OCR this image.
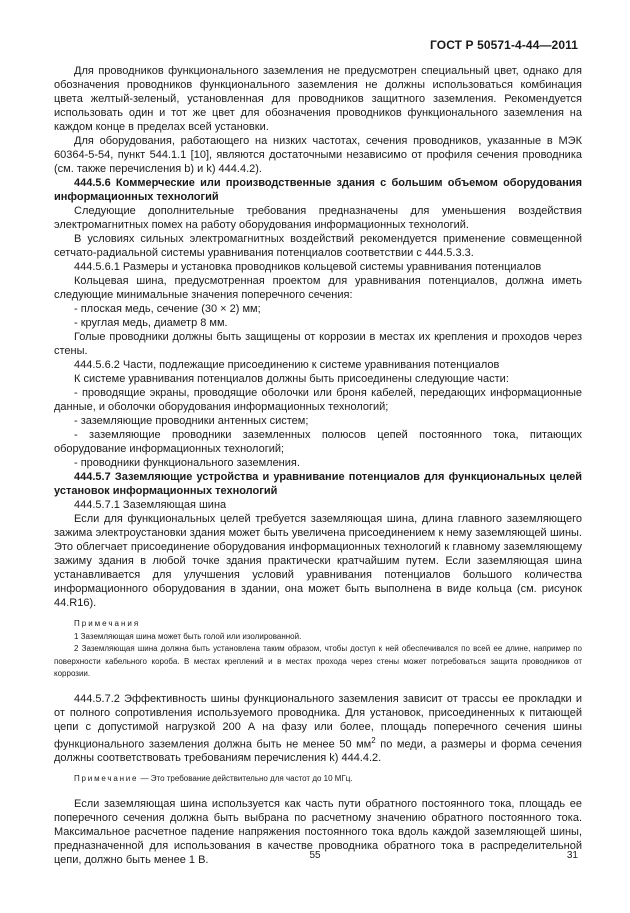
ГОСТ Р 50571-4-44—2011

Для проводников функционального заземления не предусмотрен специальный цвет, однако для обозначения проводников функционального заземления не должны использоваться комбинация цвета желтый-зеленый, установленная для проводников защитного заземления. Рекомендуется использовать один и тот же цвет для обозначения проводников функционального заземления на каждом конце в пределах всей установки.

Для оборудования, работающего на низких частотах, сечения проводников, указанные в МЭК 60364-5-54, пункт 544.1.1 [10], являются достаточными независимо от профиля сечения проводника (см. также перечисления b) и k) 444.4.2).

444.5.6 Коммерческие или производственные здания с большим объемом оборудования информационных технологий

Следующие дополнительные требования предназначены для уменьшения воздействия электромагнитных помех на работу оборудования информационных технологий.

В условиях сильных электромагнитных воздействий рекомендуется применение совмещенной сетчато-радиальной системы уравнивания потенциалов соответствии с 444.5.3.3.

444.5.6.1 Размеры и установка проводников кольцевой системы уравнивания потенциалов

Кольцевая шина, предусмотренная проектом для уравнивания потенциалов, должна иметь следующие минимальные значения поперечного сечения:

- плоская медь, сечение (30 × 2) мм;

- круглая медь, диаметр 8 мм.

Голые проводники должны быть защищены от коррозии в местах их крепления и проходов через стены.

444.5.6.2 Части, подлежащие присоединению к системе уравнивания потенциалов

К системе уравнивания потенциалов должны быть присоединены следующие части:

- проводящие экраны, проводящие оболочки или броня кабелей, передающих информационные данные, и оболочки оборудования информационных технологий;

- заземляющие проводники антенных систем;

- заземляющие проводники заземленных полюсов цепей постоянного тока, питающих оборудование информационных технологий;

- проводники функционального заземления.

444.5.7 Заземляющие устройства и уравнивание потенциалов для функциональных целей установок информационных технологий

444.5.7.1 Заземляющая шина

Если для функциональных целей требуется заземляющая шина, длина главного заземляющего зажима электроустановки здания может быть увеличена присоединением к нему заземляющей шины. Это облегчает присоединение оборудования информационных технологий к главному заземляющему зажиму здания в любой точке здания практически кратчайшим путем. Если заземляющая шина устанавливается для улучшения условий уравнивания потенциалов большого количества информационного оборудования в здании, она может быть выполнена в виде кольца (см. рисунок 44.R16).

Примечания

1 Заземляющая шина может быть голой или изолированной.

2 Заземляющая шина должна быть установлена таким образом, чтобы доступ к ней обеспечивался по всей ее длине, например по поверхности кабельного короба. В местах креплений и в местах прохода через стены может потребоваться защита проводников от коррозии.

444.5.7.2 Эффективность шины функционального заземления зависит от трассы ее прокладки и от полного сопротивления используемого проводника. Для установок, присоединенных к питающей цепи с допустимой нагрузкой 200 А на фазу или более, площадь поперечного сечения шины функционального заземления должна быть не менее 50 $мм^2$ по меди, а размеры и форма сечения должны соответствовать требованиям перечисления k) 444.4.2.

Примечание — Это требование действительно для частот до 10 МГц.

Если заземляющая шина используется как часть пути обратного постоянного тока, площадь ее поперечного сечения должна быть выбрана по расчетному значению обратного постоянного тока. Максимальное расчетное падение напряжения постоянного тока вдоль каждой заземляющей шины, предназначенной для использования в качестве проводника обратного тока в распределительной цепи, должно быть менее 1 В.	55	31
